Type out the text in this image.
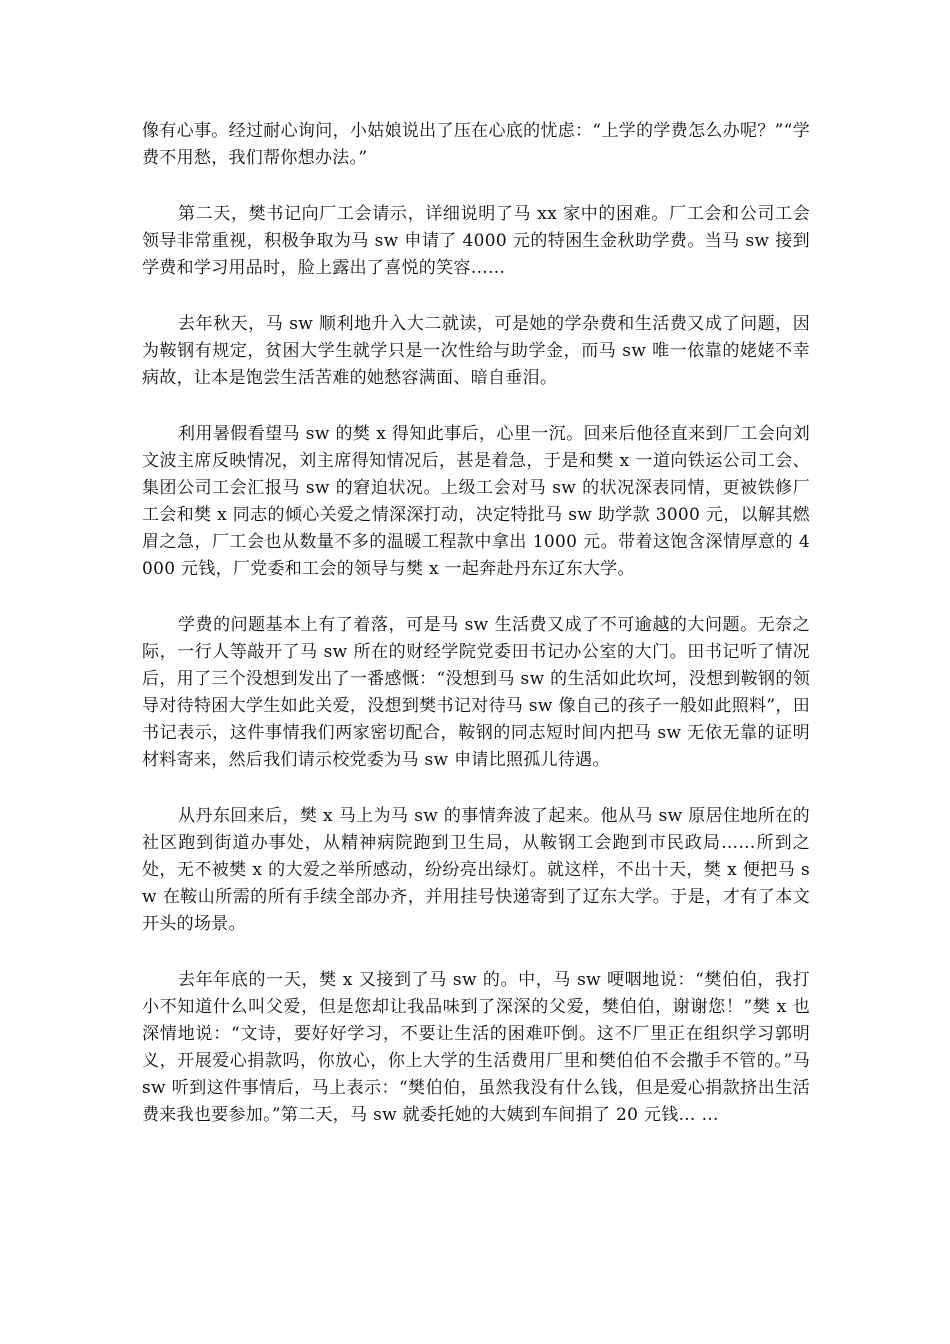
像有心事。经过耐心询问，小姑娘说出了压在心底的忧虑：“上学的学费怎么办呢？”“学费不用愁，我们帮你想办法。”

第二天，樊书记向厂工会请示，详细说明了马 xx 家中的困难。厂工会和公司工会领导非常重视，积极争取为马 sw 申请了 4000 元的特困生金秋助学费。当马 sw 接到学费和学习用品时，脸上露出了喜悦的笑容……

去年秋天，马 sw 顺利地升入大二就读，可是她的学杂费和生活费又成了问题，因为鞍钢有规定，贫困大学生就学只是一次性给与助学金，而马 sw 唯一依靠的姥姥不幸病故，让本是饱尝生活苦难的她愁容满面、暗自垂泪。

利用暑假看望马 sw 的樊 x 得知此事后，心里一沉。回来后他径直来到厂工会向刘文波主席反映情况，刘主席得知情况后，甚是着急，于是和樊 x 一道向铁运公司工会、集团公司工会汇报马 sw 的窘迫状况。上级工会对马 sw 的状况深表同情，更被铁修厂工会和樊 x 同志的倾心关爱之情深深打动，决定特批马 sw 助学款 3000 元，以解其燃眉之急，厂工会也从数量不多的温暖工程款中拿出 1000 元。带着这饱含深情厚意的 4000 元钱，厂党委和工会的领导与樊 x 一起奔赴丹东辽东大学。

学费的问题基本上有了着落，可是马 sw 生活费又成了不可逾越的大问题。无奈之际，一行人等敲开了马 sw 所在的财经学院党委田书记办公室的大门。田书记听了情况后，用了三个没想到发出了一番感慨：“没想到马 sw 的生活如此坎坷，没想到鞍钢的领导对待特困大学生如此关爱，没想到樊书记对待马 sw 像自己的孩子一般如此照料”，田书记表示，这件事情我们两家密切配合，鞍钢的同志短时间内把马 sw 无依无靠的证明材料寄来，然后我们请示校党委为马 sw 申请比照孤儿待遇。

从丹东回来后，樊 x 马上为马 sw 的事情奔波了起来。他从马 sw 原居住地所在的社区跑到街道办事处，从精神病院跑到卫生局，从鞍钢工会跑到市民政局……所到之处，无不被樊 x 的大爱之举所感动，纷纷亮出绿灯。就这样，不出十天，樊 x 便把马 sw 在鞍山所需的所有手续全部办齐，并用挂号快递寄到了辽东大学。于是，才有了本文开头的场景。

去年年底的一天，樊 x 又接到了马 sw 的。中，马 sw 哽咽地说：“樊伯伯，我打小不知道什么叫父爱，但是您却让我品味到了深深的父爱，樊伯伯，谢谢您！”樊 x 也深情地说：“文诗，要好好学习，不要让生活的困难吓倒。这不厂里正在组织学习郭明义，开展爱心捐款吗，你放心，你上大学的生活费用厂里和樊伯伯不会撒手不管的。”马 sw 听到这件事情后，马上表示：“樊伯伯，虽然我没有什么钱，但是爱心捐款挤出生活费来我也要参加。”第二天，马 sw 就委托她的大姨到车间捐了 20 元钱… …
